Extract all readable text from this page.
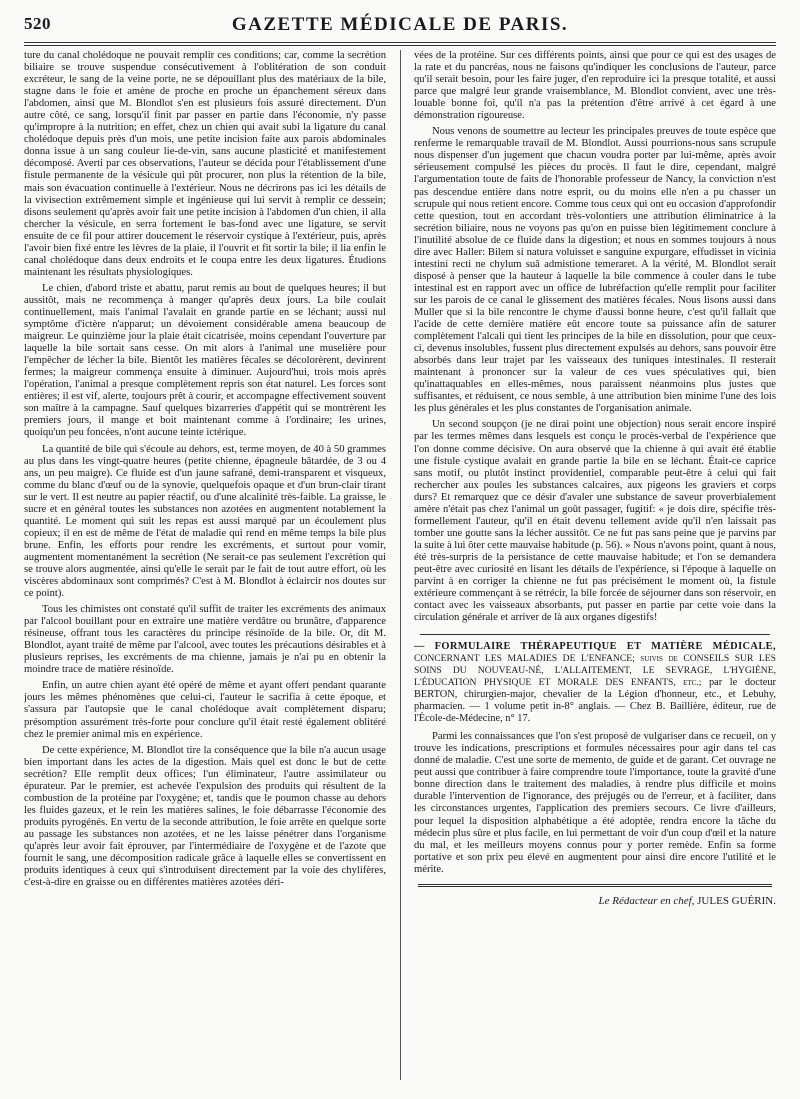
520	GAZETTE MÉDICALE DE PARIS.

ture du canal cholédoque ne pouvait remplir ces conditions; car, comme la secrétion biliaire se trouve suspendue consécutivement à l'oblitération de son conduit excréteur, le sang de la veine porte, ne se dépouillant plus des matériaux de la bile, stagne dans le foie et amène de proche en proche un épanchement séreux dans l'abdomen, ainsi que M. Blondlot s'en est plusieurs fois assuré directement. D'un autre côté, ce sang, lorsqu'il finit par passer en partie dans l'économie, n'y passe qu'impropre à la nutrition; en effet, chez un chien qui avait subi la ligature du canal cholédoque depuis près d'un mois, une petite incision faite aux parois abdominales donna issue à un sang couleur lie-de-vin, sans aucune plasticité et manifestement décomposé. Averti par ces observations, l'auteur se décida pour l'établissement d'une fistule permanente de la vésicule qui pût procurer, non plus la rétention de la bile, mais son évacuation continuelle à l'extérieur. Nous ne décrirons pas ici les détails de la vivisection extrêmement simple et ingénieuse qui lui servit à remplir ce dessein; disons seulement qu'après avoir fait une petite incision à l'abdomen d'un chien, il alla chercher la vésicule, en serra fortement le bas-fond avec une ligature, se servit ensuite de ce fil pour attirer doucement le réservoir cystique à l'extérieur, puis, après l'avoir bien fixé entre les lèvres de la plaie, il l'ouvrit et fit sortir la bile; il lia enfin le canal cholédoque dans deux endroits et le coupa entre les deux ligatures. Étudions maintenant les résultats physiologiques.

Le chien, d'abord triste et abattu, parut remis au bout de quelques heures; il but aussitôt, mais ne recommença à manger qu'après deux jours. La bile coulait continuellement, mais l'animal l'avalait en grande partie en se léchant; aussi nul symptôme d'ictère n'apparut; un dévoiement considérable amena beaucoup de maigreur. Le quinzième jour la plaie était cicatrisée, moins cependant l'ouverture par laquelle la bile sortait sans cesse. On mit alors à l'animal une muselière pour l'empêcher de lécher la bile. Bientôt les matières fécales se décolorèrent, devinrent fermes; la maigreur commença ensuite à diminuer. Aujourd'hui, trois mois après l'opération, l'animal a presque complètement repris son état naturel. Les forces sont entières; il est vif, alerte, toujours prêt à courir, et accompagne effectivement souvent son maître à la campagne. Sauf quelques bizarreries d'appétit qui se montrèrent les premiers jours, il mange et boit maintenant comme à l'ordinaire; les urines, quoiqu'un peu foncées, n'ont aucune teinte ictérique.

La quantité de bile qui s'écoule au dehors, est, terme moyen, de 40 à 50 grammes au plus dans les vingt-quatre heures (petite chienne, épagneule bâtardée, de 3 ou 4 ans, un peu maigre). Ce fluide est d'un jaune safrané, demi-transparent et visqueux, comme du blanc d'œuf ou de la synovie, quelquefois opaque et d'un brun-clair tirant sur le vert. Il est neutre au papier réactif, ou d'une alcalinité très-faible. La graisse, le sucre et en général toutes les substances non azotées en augmentent notablement la quantité. Le moment qui suit les repas est aussi marqué par un écoulement plus copieux; il en est de même de l'état de maladie qui rend en même temps la bile plus brune. Enfin, les efforts pour rendre les excréments, et surtout pour vomir, augmentent momentanément la secrétion (Ne serait-ce pas seulement l'excrétion qui se trouve alors augmentée, ainsi qu'elle le serait par le fait de tout autre effort, où les viscères abdominaux sont comprimés? C'est à M. Blondlot à éclaircir nos doutes sur ce point).

Tous les chimistes ont constaté qu'il suffit de traiter les excréments des animaux par l'alcool bouillant pour en extraire une matière verdâtre ou brunâtre, d'apparence résineuse, offrant tous les caractères du principe résinoïde de la bile. Or, dit M. Blondlot, ayant traité de même par l'alcool, avec toutes les précautions désirables et à plusieurs reprises, les excréments de ma chienne, jamais je n'ai pu en obtenir la moindre trace de matière résinoïde.

Enfin, un autre chien ayant été opéré de même et ayant offert pendant quarante jours les mêmes phénomènes que celui-ci, l'auteur le sacrifia à cette époque, et s'assura par l'autopsie que le canal cholédoque avait complètement disparu; présomption assurément très-forte pour conclure qu'il était resté également oblitéré chez le premier animal mis en expérience.

De cette expérience, M. Blondlot tire la conséquence que la bile n'a aucun usage bien important dans les actes de la digestion. Mais quel est donc le but de cette secrétion? Elle remplit deux offices; l'un éliminateur, l'autre assimilateur ou épurateur. Par le premier, est achevée l'expulsion des produits qui résultent de la combustion de la protéine par l'oxygène; et, tandis que le poumon chasse au dehors les fluides gazeux, et le rein les matières salines, le foie débarrasse l'économie des produits pyrogénés. En vertu de la seconde attribution, le foie arrête en quelque sorte au passage les substances non azotées, et ne les laisse pénétrer dans l'organisme qu'après leur avoir fait éprouver, par l'intermédiaire de l'oxygène et de l'azote que fournit le sang, une décomposition radicale grâce à laquelle elles se convertissent en produits identiques à ceux qui s'introduisent directement par la voie des chylifères, c'est-à-dire en graisse ou en différentes matières azotées déri-

vées de la protéine. Sur ces différents points, ainsi que pour ce qui est des usages de la rate et du pancréas, nous ne faisons qu'indiquer les conclusions de l'auteur, parce qu'il serait besoin, pour les faire juger, d'en reproduire ici la presque totalité, et aussi parce que malgré leur grande vraisemblance, M. Blondlot convient, avec une très-louable bonne foi, qu'il n'a pas la prétention d'être arrivé à cet égard à une démonstration rigoureuse.

Nous venons de soumettre au lecteur les principales preuves de toute espèce que renferme le remarquable travail de M. Blondlot. Aussi pourrions-nous sans scrupule nous dispenser d'un jugement que chacun voudra porter par lui-même, après avoir sérieusement compulsé les pièces du procès. Il faut le dire, cependant, malgré l'argumentation toute de faits de l'honorable professeur de Nancy, la conviction n'est pas descendue entière dans notre esprit, ou du moins elle n'en a pu chasser un scrupule qui nous retient encore. Comme tous ceux qui ont eu occasion d'approfondir cette question, tout en accordant très-volontiers une attribution éliminatrice à la secrétion biliaire, nous ne voyons pas qu'on en puisse bien légitimement conclure à l'inutilité absolue de ce fluide dans la digestion; et nous en sommes toujours à nous dire avec Haller: Bilem si natura voluisset e sanguine expurgare, effudisset in vicinia intestini recti ne chylum suâ admistione temeraret. A la vérité, M. Blondlot serait disposé à penser que la hauteur à laquelle la bile commence à couler dans le tube intestinal est en rapport avec un office de lubréfaction qu'elle remplit pour faciliter sur les parois de ce canal le glissement des matières fécales. Nous lisons aussi dans Muller que si la bile rencontre le chyme d'aussi bonne heure, c'est qu'il fallait que l'acide de cette dernière matière eût encore toute sa puissance afin de saturer complètement l'alcali qui tient les principes de la bile en dissolution, pour que ceux-ci, devenus insolubles, fussent plus directement expulsés au dehors, sans pouvoir être absorbés dans leur trajet par les vaisseaux des tuniques intestinales. Il resterait maintenant à prononcer sur la valeur de ces vues spéculatives qui, bien qu'inattaquables en elles-mêmes, nous paraissent néanmoins plus justes que suffisantes, et réduisent, ce nous semble, à une attribution bien minime l'une des lois les plus générales et les plus constantes de l'organisation animale.

Un second soupçon (je ne dirai point une objection) nous serait encore inspiré par les termes mêmes dans lesquels est conçu le procès-verbal de l'expérience que l'on donne comme décisive. On aura observé que la chienne à qui avait été établie une fistule cystique avalait en grande partie la bile en se léchant. Était-ce caprice sans motif, ou plutôt instinct providentiel, comparable peut-être à celui qui fait rechercher aux poules les substances calcaires, aux pigeons les graviers et corps durs? Et remarquez que ce désir d'avaler une substance de saveur proverbialement amère n'était pas chez l'animal un goût passager, fugitif: « je dois dire, spécifie très-formellement l'auteur, qu'il en était devenu tellement avide qu'il n'en laissait pas tomber une goutte sans la lécher aussitôt. Ce ne fut pas sans peine que je parvins par la suite à lui ôter cette mauvaise habitude (p. 56). » Nous n'avons point, quant à nous, été très-surpris de la persistance de cette mauvaise habitude; et l'on se demandera peut-être avec curiosité en lisant les détails de l'expérience, si l'époque à laquelle on parvint à en corriger la chienne ne fut pas précisément le moment où, la fistule extérieure commençant à se rétrécir, la bile forcée de séjourner dans son réservoir, en contact avec les vaisseaux absorbants, put passer en partie par cette voie dans la circulation générale et arriver de là aux organes digestifs!

— FORMULAIRE THÉRAPEUTIQUE ET MATIÈRE MÉDICALE, CONCERNANT LES MALADIES DE L'ENFANCE; suivis de CONSEILS SUR LES SOINS DU NOUVEAU-NÉ, L'ALLAITEMENT, LE SEVRAGE, L'HYGIÈNE, L'ÉDUCATION PHYSIQUE ET MORALE DES ENFANTS, etc.; par le docteur BERTON, chirurgien-major, chevalier de la Légion d'honneur, etc., et Lebuhy, pharmacien. — 1 volume petit in-8° anglais. — Chez B. Baillière, éditeur, rue de l'École-de-Médecine, n° 17.

Parmi les connaissances que l'on s'est proposé de vulgariser dans ce recueil, on y trouve les indications, prescriptions et formules nécessaires pour agir dans tel cas donné de maladie. C'est une sorte de memento, de guide et de garant. Cet ouvrage ne peut aussi que contribuer à faire comprendre toute l'importance, toute la gravité d'une bonne direction dans le traitement des maladies, à rendre plus difficile et moins durable l'intervention de l'ignorance, des préjugés ou de l'erreur, et à faciliter, dans les circonstances urgentes, l'application des premiers secours. Ce livre d'ailleurs, pour lequel la disposition alphabétique a été adoptée, rendra encore la tâche du médecin plus sûre et plus facile, en lui permettant de voir d'un coup d'œil et la nature du mal, et les meilleurs moyens connus pour y porter remède. Enfin sa forme portative et son prix peu élevé en augmentent pour ainsi dire encore l'utilité et le mérite.

Le Rédacteur en chef, JULES GUÉRIN.
